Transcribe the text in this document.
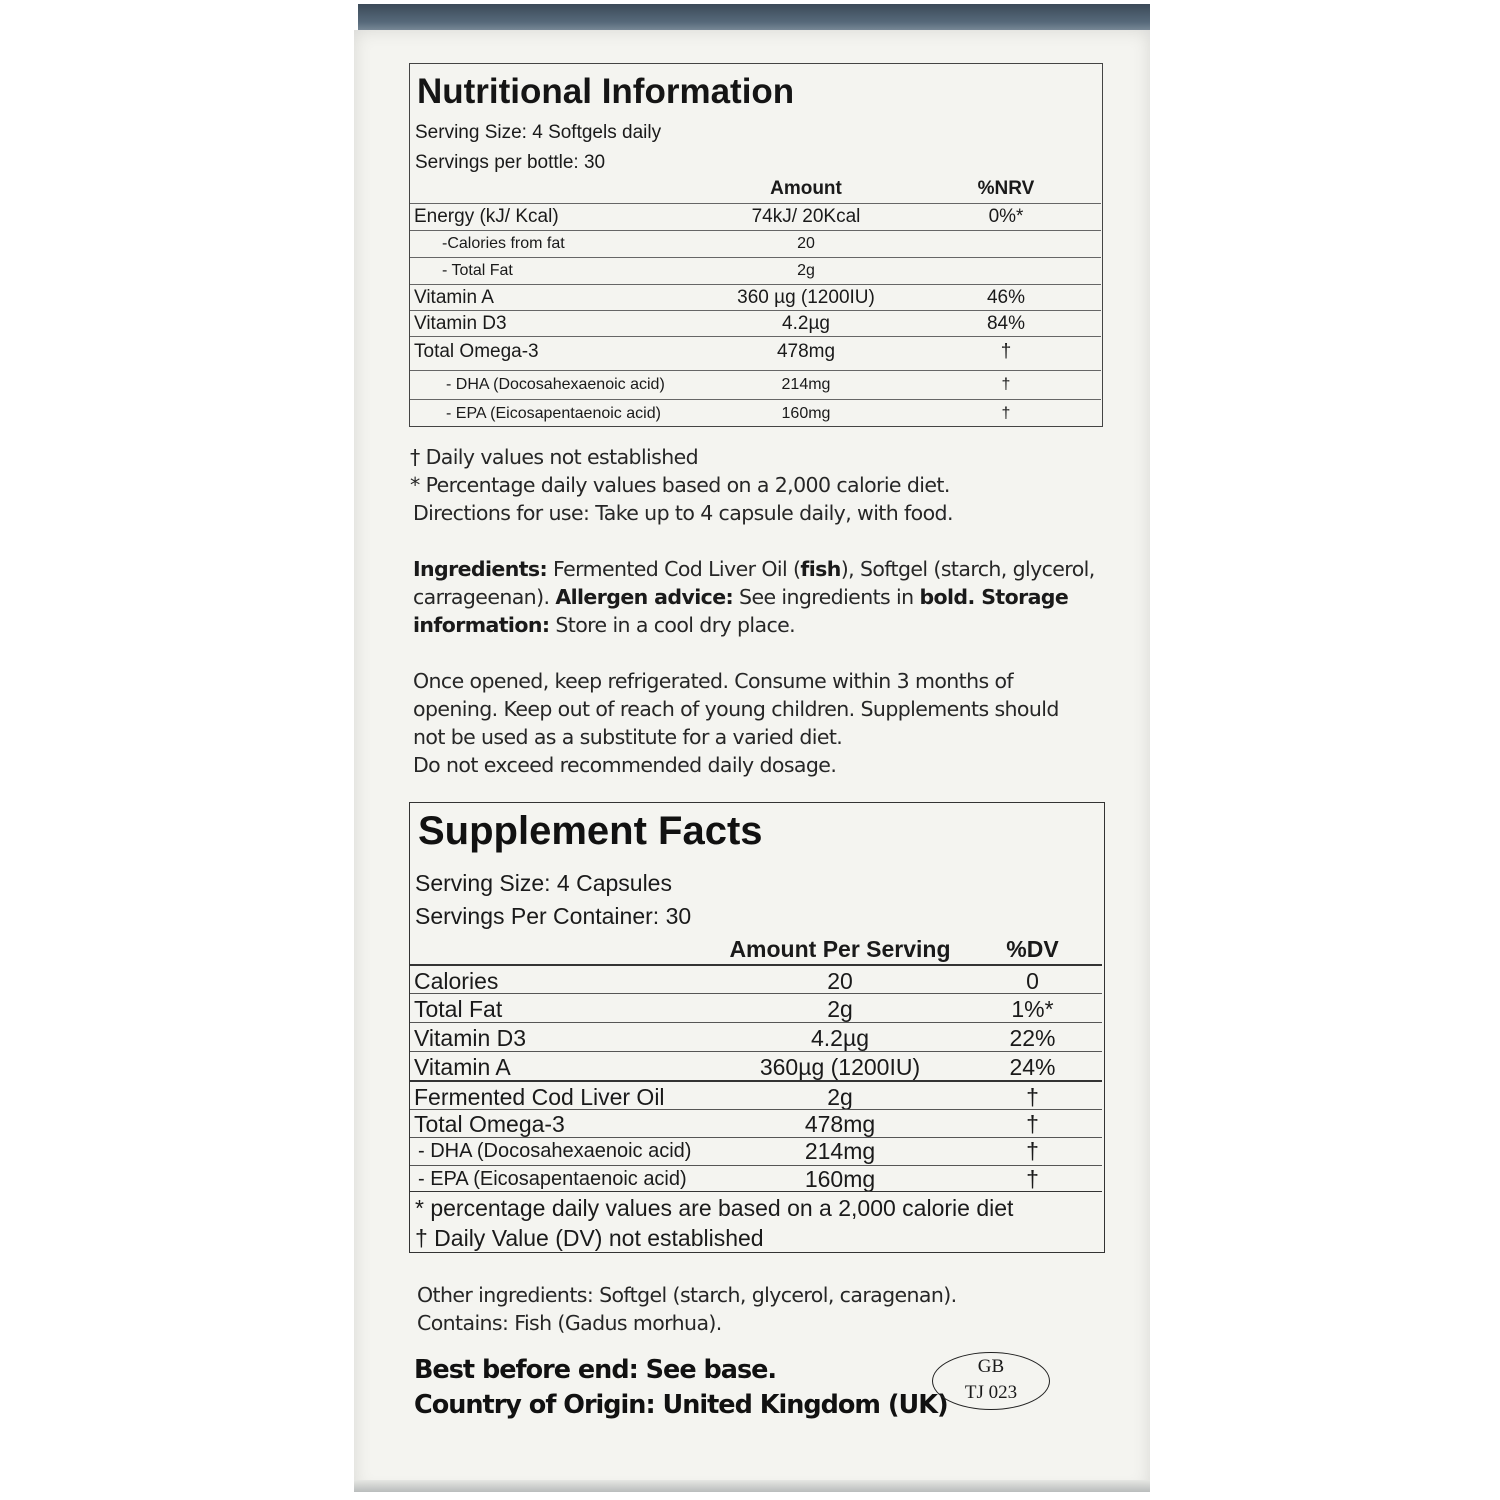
Nutritional Information
Serving Size: 4 Softgels daily
Servings per bottle: 30
Amount	%NRV
Energy (kJ/ Kcal)	74kJ/ 20Kcal	0%*
-Calories from fat	20
- Total Fat	2g
Vitamin A	360 µg (1200IU)	46%
Vitamin D3	4.2µg	84%
Total Omega-3	478mg	†
- DHA (Docosahexaenoic acid)	214mg	†
- EPA (Eicosapentaenoic acid)	160mg	†
† Daily values not established
* Percentage daily values based on a 2,000 calorie diet.
Directions for use: Take up to 4 capsule daily, with food.
Ingredients: Fermented Cod Liver Oil (fish), Softgel (starch, glycerol,
carrageenan). Allergen advice: See ingredients in bold. Storage
information: Store in a cool dry place.
Once opened, keep refrigerated. Consume within 3 months of
opening. Keep out of reach of young children. Supplements should
not be used as a substitute for a varied diet.
Do not exceed recommended daily dosage.
Supplement Facts
Serving Size: 4 Capsules
Servings Per Container: 30
Amount Per Serving	%DV
Calories	20	0
Total Fat	2g	1%*
Vitamin D3	4.2µg	22%
Vitamin A	360µg (1200IU)	24%
Fermented Cod Liver Oil	2g	†
Total Omega-3	478mg	†
- DHA (Docosahexaenoic acid)	214mg	†
- EPA (Eicosapentaenoic acid)	160mg	†
* percentage daily values are based on a 2,000 calorie diet
† Daily Value (DV) not established
Other ingredients: Softgel (starch, glycerol, caragenan).
Contains: Fish (Gadus morhua).
Best before end: See base.
Country of Origin: United Kingdom (UK)
GB
TJ 023
